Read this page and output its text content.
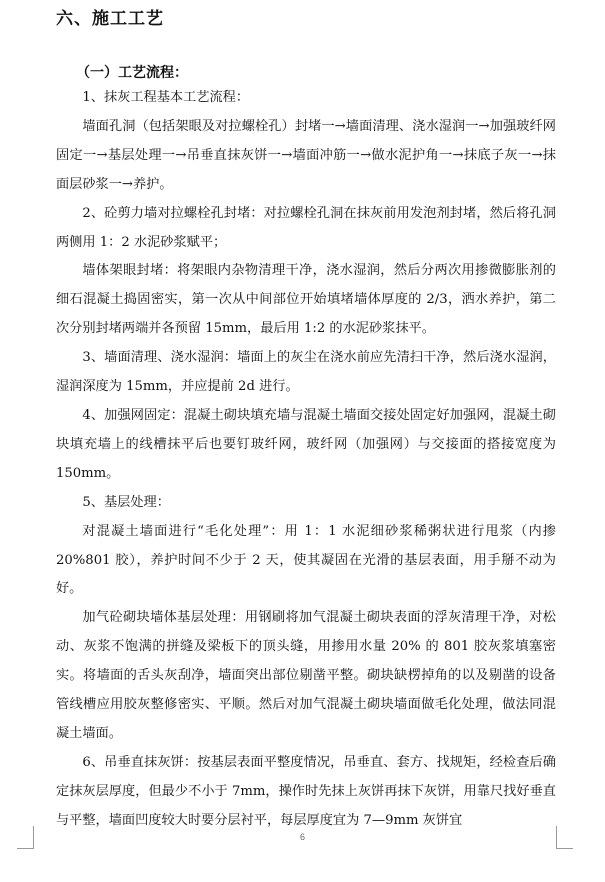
六、施工工艺
（一）工艺流程：

1、抹灰工程基本工艺流程：

墙面孔洞（包括架眼及对拉螺栓孔）封堵一→墙面清理、浇水湿润一→加强玻纤网固定一→基层处理一→吊垂直抹灰饼一→墙面冲筋一→做水泥护角一→抹底子灰一→抹面层砂浆一→养护。

2、砼剪力墙对拉螺栓孔封堵：对拉螺栓孔洞在抹灰前用发泡剂封堵，然后将孔洞两侧用 1：2 水泥砂浆赋平；

墙体架眼封堵：将架眼内杂物清理干净，浇水湿润，然后分两次用掺微膨胀剂的细石混凝土捣固密实，第一次从中间部位开始填堵墙体厚度的 2/3，洒水养护，第二次分别封堵两端并各预留 15mm，最后用 1:2 的水泥砂浆抹平。

3、墙面清理、浇水湿润：墙面上的灰尘在浇水前应先清扫干净，然后浇水湿润，湿润深度为 15mm，并应提前 2d 进行。

4、加强网固定：混凝土砌块填充墙与混凝土墙面交接处固定好加强网，混凝土砌块填充墙上的线槽抹平后也要钉玻纤网，玻纤网（加强网）与交接面的搭接宽度为 150mm。

5、基层处理：

对混凝土墙面进行“毛化处理”：用 1：1 水泥细砂浆稀粥状进行甩浆（内掺 20%801 胶），养护时间不少于 2 天，使其凝固在光滑的基层表面，用手掰不动为好。

加气砼砌块墙体基层处理：用钢刷将加气混凝土砌块表面的浮灰清理干净，对松动、灰浆不饱满的拼缝及梁板下的顶头缝，用掺用水量 20% 的 801 胶灰浆填塞密实。将墙面的舌头灰刮净，墙面突出部位剔凿平整。砌块缺楞掉角的以及剔凿的设备管线槽应用胶灰整修密实、平顺。然后对加气混凝土砌块墙面做毛化处理，做法同混凝土墙面。

6、吊垂直抹灰饼：按基层表面平整度情况，吊垂直、套方、找规矩，经检查后确定抹灰层厚度，但最少不小于 7mm，操作时先抹上灰饼再抹下灰饼，用靠尺找好垂直与平整，墙面凹度较大时要分层衬平，每层厚度宜为 7—9mm 灰饼宜

6
